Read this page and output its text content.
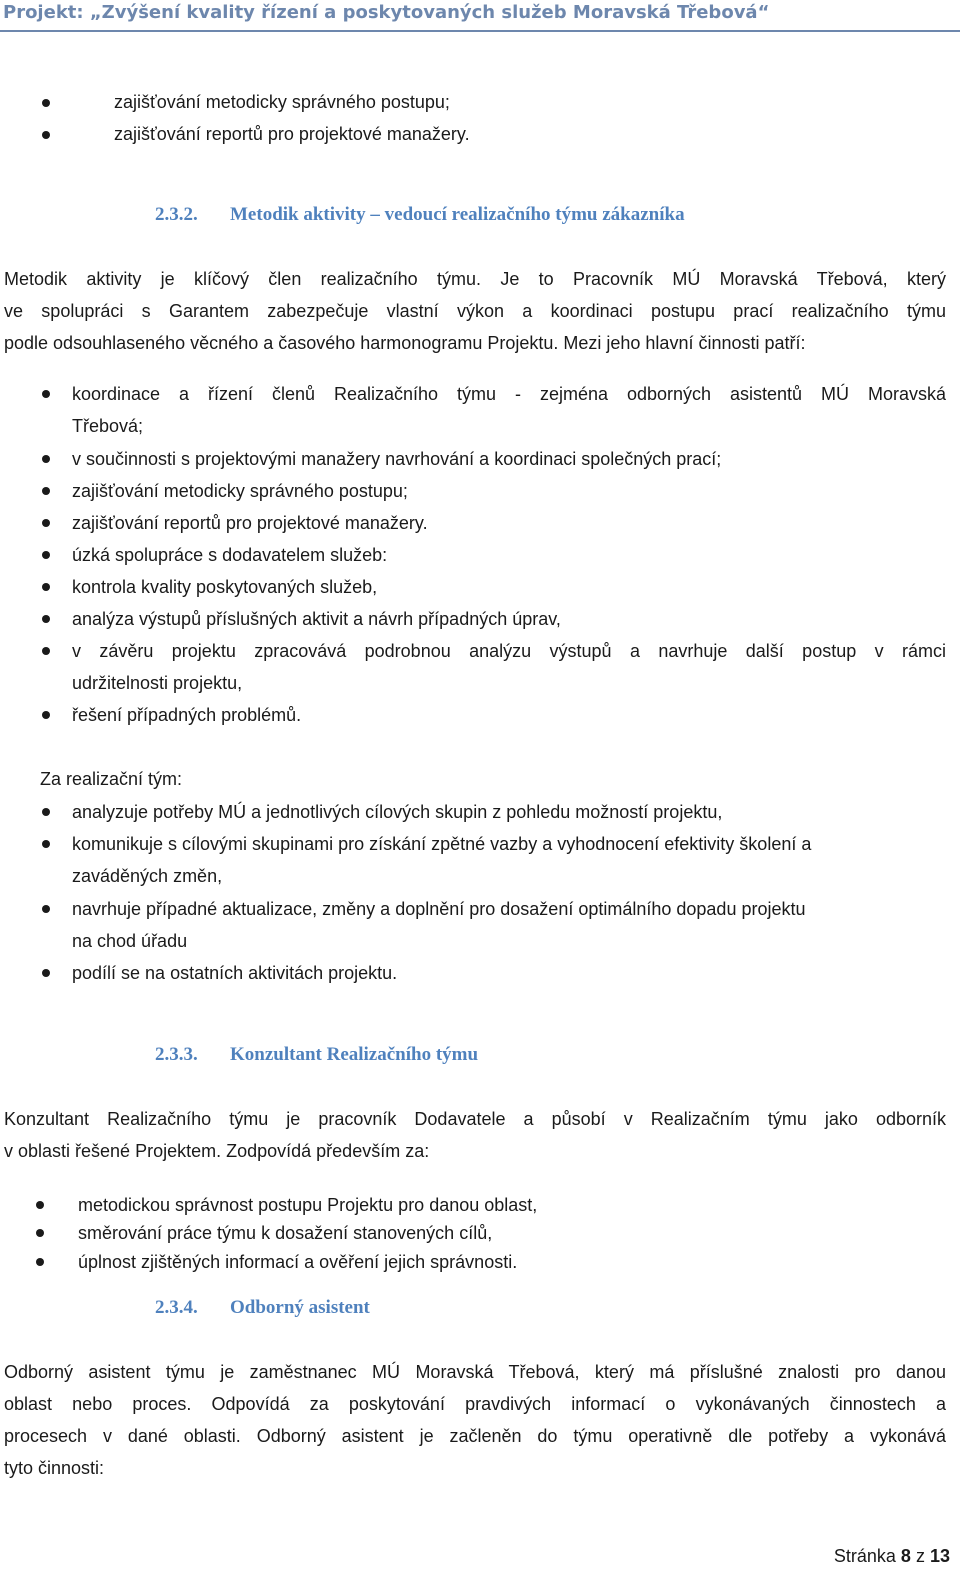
Projekt: „Zvýšení kvality řízení a poskytovaných služeb Moravská Třebová“
zajišťování metodicky správného postupu;
zajišťování reportů pro projektové manažery.
2.3.2. Metodik aktivity – vedoucí realizačního týmu zákazníka
Metodik aktivity je klíčový člen realizačního týmu. Je to Pracovník MÚ Moravská Třebová, který
ve spolupráci s Garantem zabezpečuje vlastní výkon a koordinaci postupu prací realizačního týmu
podle odsouhlaseného věcného a časového harmonogramu Projektu. Mezi jeho hlavní činnosti patří:
koordinace a řízení členů Realizačního týmu - zejména odborných asistentů MÚ Moravská
Třebová;
v součinnosti s projektovými manažery navrhování a koordinaci společných prací;
zajišťování metodicky správného postupu;
zajišťování reportů pro projektové manažery.
úzká spolupráce s dodavatelem služeb:
kontrola kvality poskytovaných služeb,
analýza výstupů příslušných aktivit a návrh případných úprav,
v závěru projektu zpracovává podrobnou analýzu výstupů a navrhuje další postup v rámci
udržitelnosti projektu,
řešení případných problémů.
Za realizační tým:
analyzuje potřeby MÚ a jednotlivých cílových skupin z pohledu možností projektu,
komunikuje s cílovými skupinami pro získání zpětné vazby a vyhodnocení efektivity školení a
zaváděných změn,
navrhuje případné aktualizace, změny a doplnění pro dosažení optimálního dopadu projektu
na chod úřadu
podílí se na ostatních aktivitách projektu.
2.3.3. Konzultant Realizačního týmu
Konzultant Realizačního týmu je pracovník Dodavatele a působí v Realizačním týmu jako odborník
v oblasti řešené Projektem. Zodpovídá především za:
metodickou správnost postupu Projektu pro danou oblast,
směrování práce týmu k dosažení stanovených cílů,
úplnost zjištěných informací a ověření jejich správnosti.
2.3.4. Odborný asistent
Odborný asistent týmu je zaměstnanec MÚ Moravská Třebová, který má příslušné znalosti pro danou
oblast nebo proces. Odpovídá za poskytování pravdivých informací o vykonávaných činnostech a
procesech v dané oblasti. Odborný asistent je začleněn do týmu operativně dle potřeby a vykonává
tyto činnosti:
Stránka 8 z 13
